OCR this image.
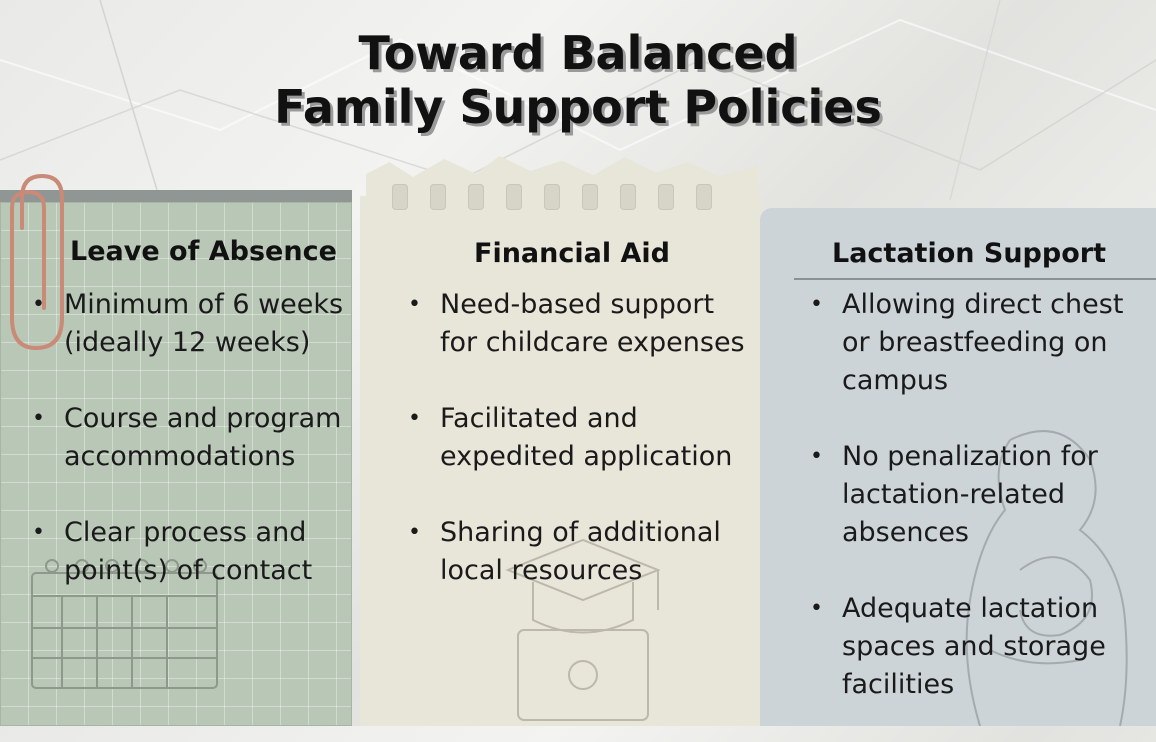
Toward Balanced
Family Support Policies
Leave of Absence
• Minimum of 6 weeks (ideally 12 weeks)
• Course and program accommodations
• Clear process and point(s) of contact
Financial Aid
• Need-based support for childcare expenses
• Facilitated and expedited application
• Sharing of additional local resources
Lactation Support
• Allowing direct chest or breastfeeding on campus
• No penalization for lactation-related absences
• Adequate lactation spaces and storage facilities
